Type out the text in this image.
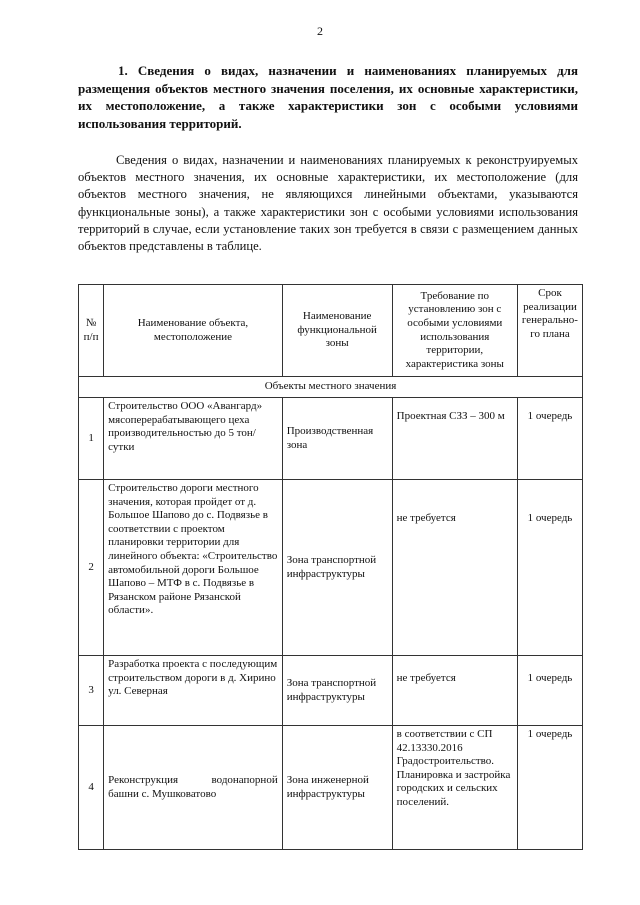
2
1. Сведения о видах, назначении и наименованиях планируемых для размещения объектов местного значения поселения, их основные характеристики, их местоположение, а также характеристики зон с особыми условиями использования территорий.
Сведения о видах, назначении и наименованиях планируемых к реконструируемых объектов местного значения, их основные характеристики, их местоположение (для объектов местного значения, не являющихся линейными объектами, указываются функциональные зоны), а также характеристики зон с особыми условиями использования территорий в случае, если установление таких зон требуется в связи с размещением данных объектов представлены в таблице.
№ п/п	Наименование объекта, местоположение	Наименование функциональной зоны	Требование по установлению зон с особыми условиями использования территории, характеристика зоны	Срок реализации генерально-го плана
Объекты местного значения				
1	Строительство ООО «Авангард» мясоперерабатывающего цеха производительностью до 5 тон/сутки	Производственная зона	Проектная СЗЗ – 300 м	1 очередь
2	Строительство дороги местного значения, которая пройдет от д. Большое Шапово до с. Подвязье в соответствии с проектом планировки территории для линейного объекта: «Строительство автомобильной дороги Большое Шапово – МТФ в с. Подвязье в Рязанском районе Рязанской области».	Зона транспортной инфраструктуры	не требуется	1 очередь
3	Разработка проекта с последующим строительством дороги в д. Хирино ул. Северная	Зона транспортной инфраструктуры	не требуется	1 очередь
4	Реконструкция водонапорной башни с. Мушковатово	Зона инженерной инфраструктуры	в соответствии с СП 42.13330.2016 Градостроительство. Планировка и застройка городских и сельских поселений.	1 очередь
